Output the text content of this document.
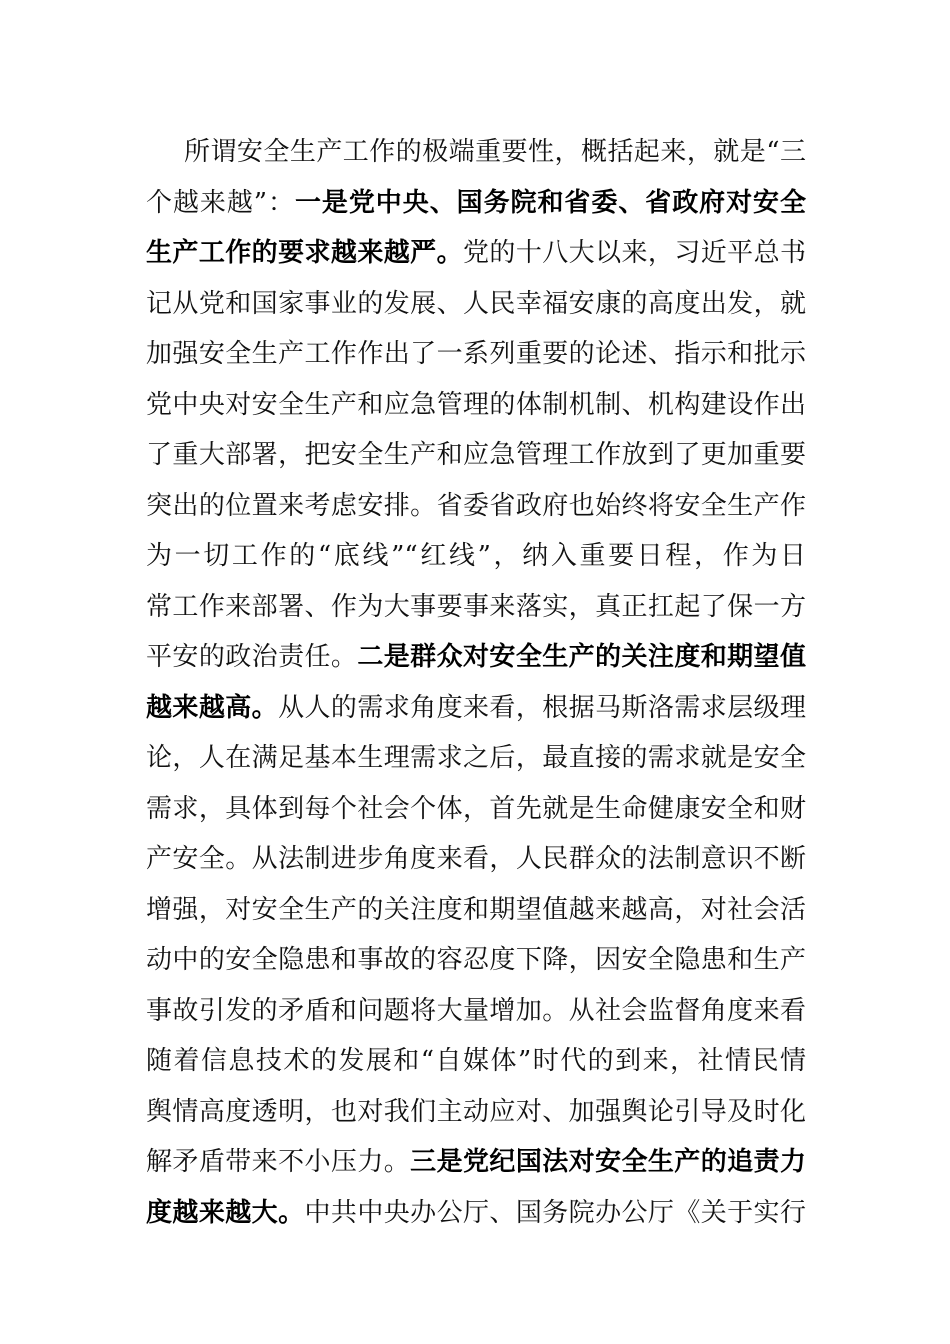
所谓安全生产工作的极端重要性，概括起来，就是“三
个越来越”：一是党中央、国务院和省委、省政府对安全
生产工作的要求越来越严。党的十八大以来，习近平总书
记从党和国家事业的发展、人民幸福安康的高度出发，就
加强安全生产工作作出了一系列重要的论述、指示和批示
党中央对安全生产和应急管理的体制机制、机构建设作出
了重大部署，把安全生产和应急管理工作放到了更加重要
突出的位置来考虑安排。省委省政府也始终将安全生产作
为一切工作的“底线”“红线”，纳入重要日程，作为日
常工作来部署、作为大事要事来落实，真正扛起了保一方
平安的政治责任。二是群众对安全生产的关注度和期望值
越来越高。从人的需求角度来看，根据马斯洛需求层级理
论，人在满足基本生理需求之后，最直接的需求就是安全
需求，具体到每个社会个体，首先就是生命健康安全和财
产安全。从法制进步角度来看，人民群众的法制意识不断
增强，对安全生产的关注度和期望值越来越高，对社会活
动中的安全隐患和事故的容忍度下降，因安全隐患和生产
事故引发的矛盾和问题将大量增加。从社会监督角度来看
随着信息技术的发展和“自媒体”时代的到来，社情民情
舆情高度透明，也对我们主动应对、加强舆论引导及时化
解矛盾带来不小压力。三是党纪国法对安全生产的追责力
度越来越大。中共中央办公厅、国务院办公厅《关于实行
